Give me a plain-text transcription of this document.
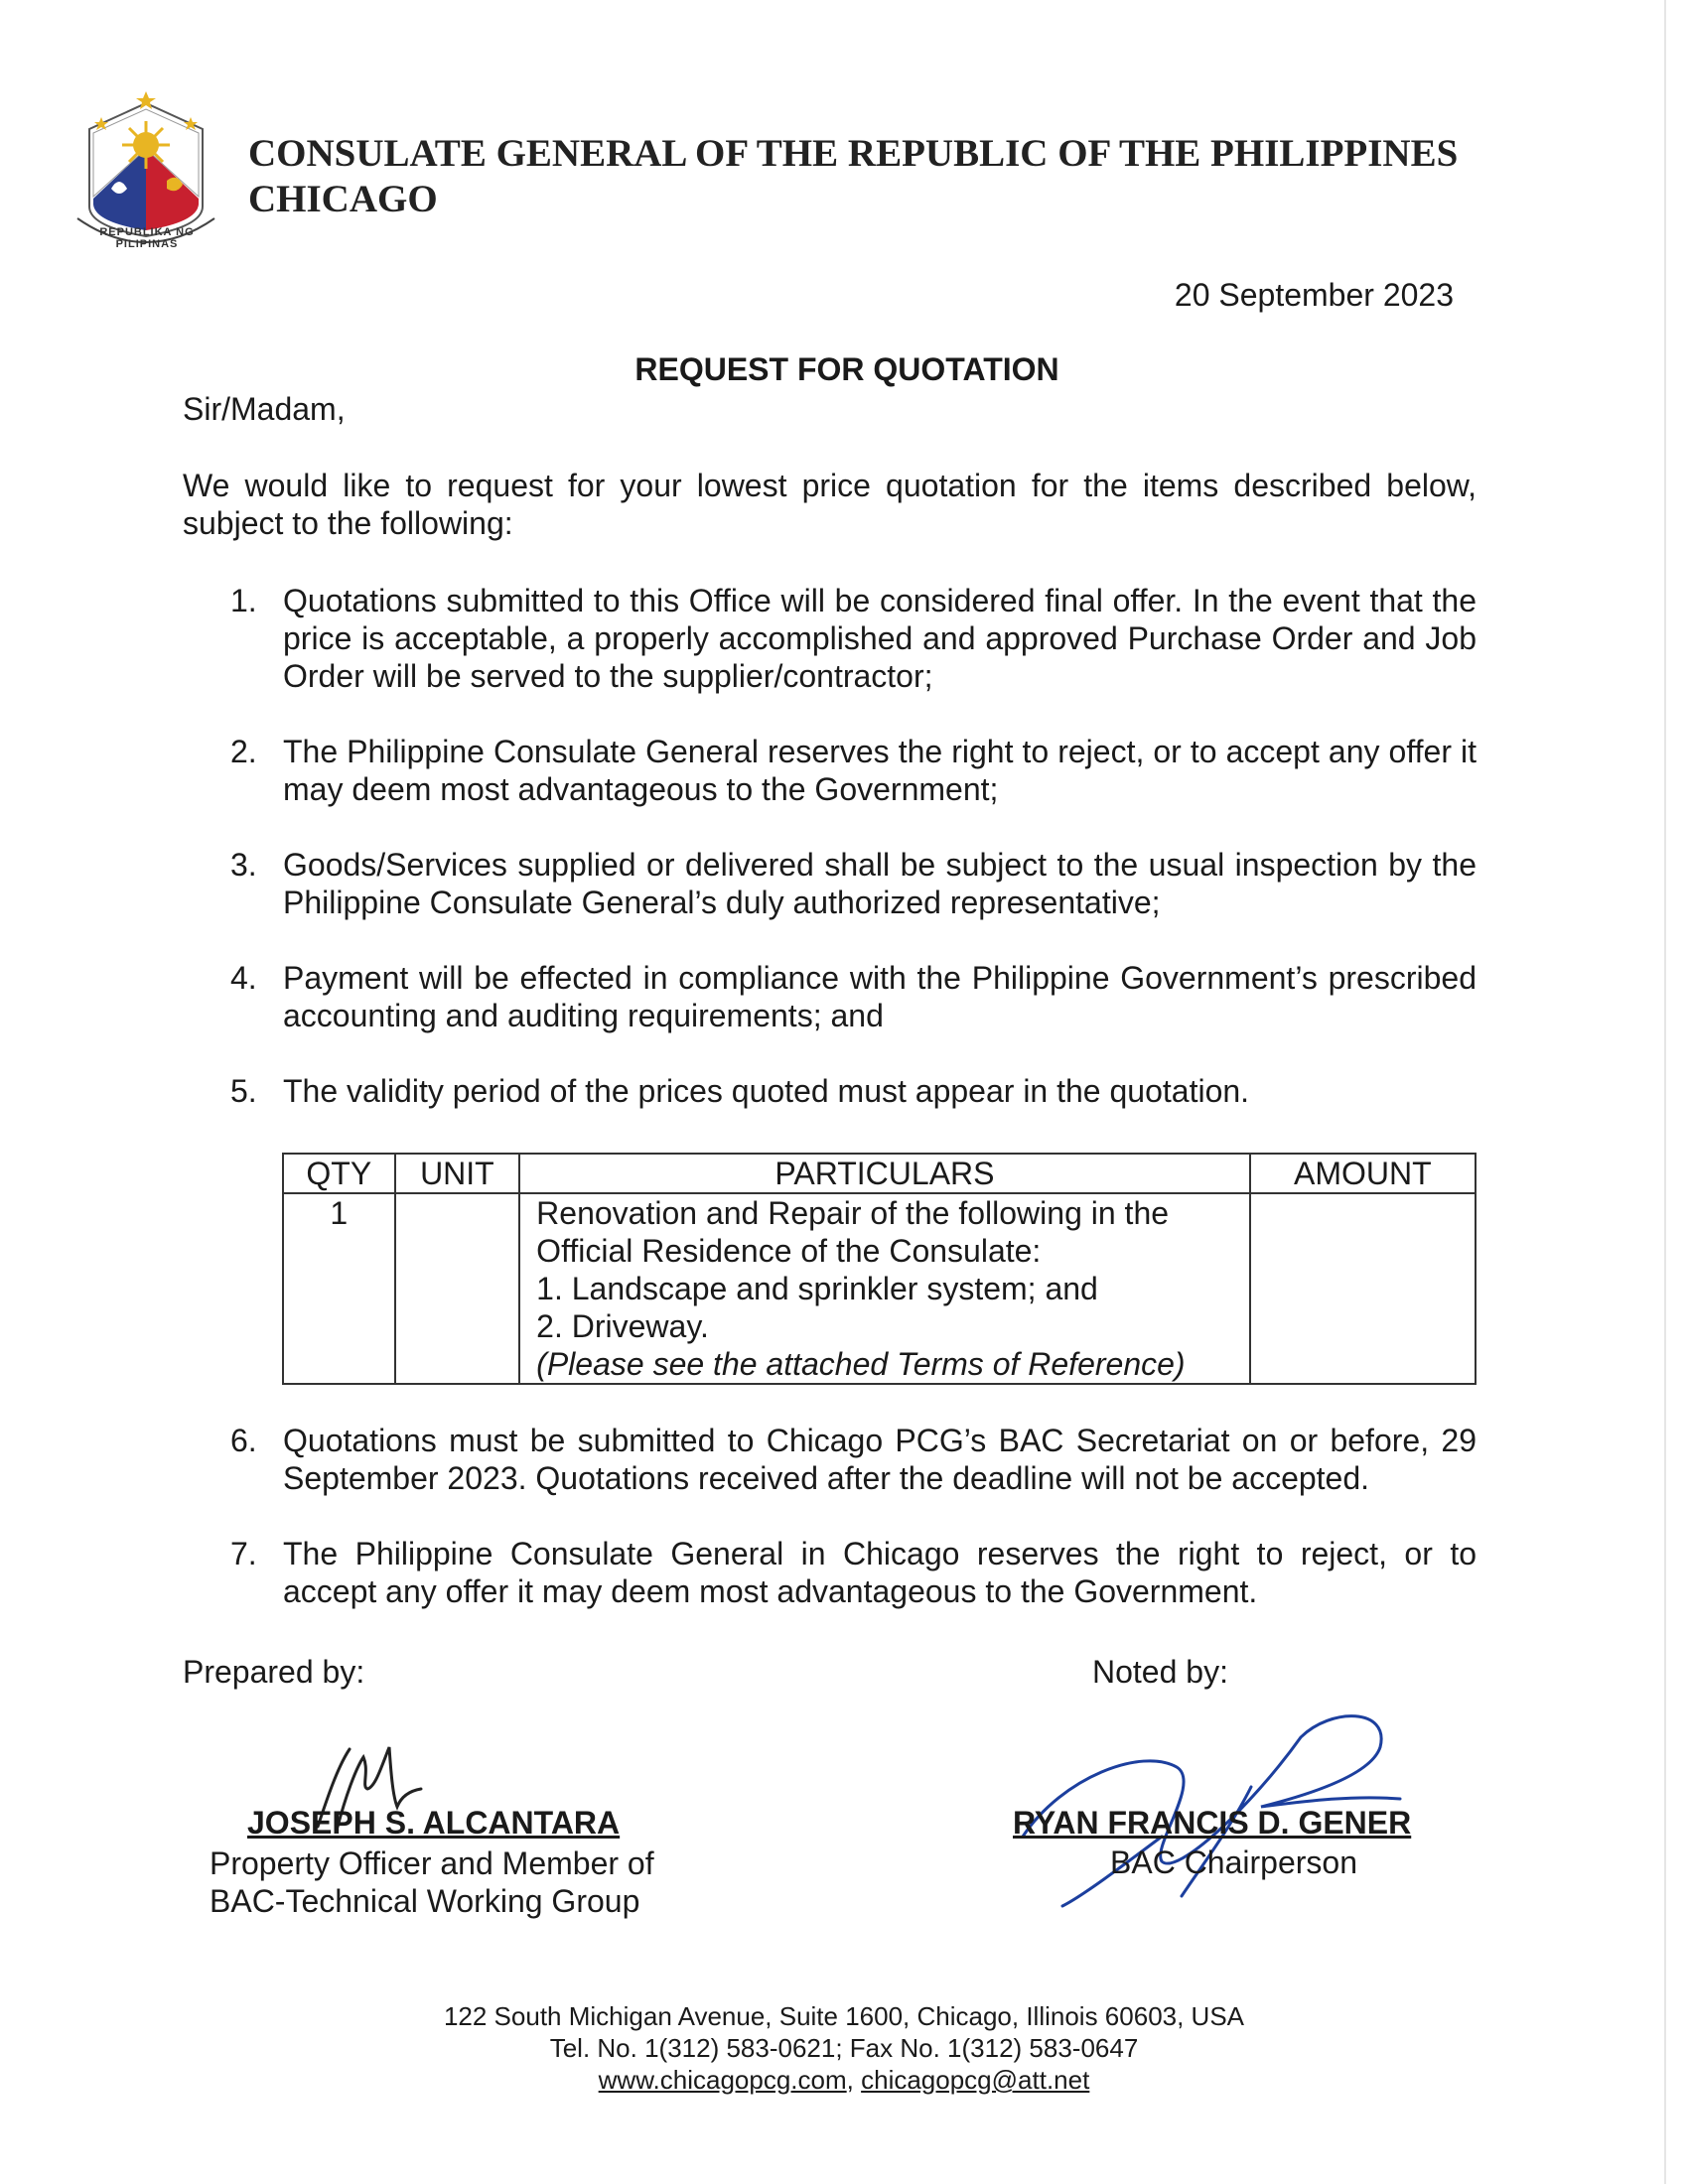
REPUBLIKA NG PILIPINAS
CONSULATE GENERAL OF THE REPUBLIC OF THE PHILIPPINES
CHICAGO
20 September 2023
REQUEST FOR QUOTATION
Sir/Madam,
We would like to request for your lowest price quotation for the items described below, subject to the following:
1. Quotations submitted to this Office will be considered final offer. In the event that the price is acceptable, a properly accomplished and approved Purchase Order and Job Order will be served to the supplier/contractor;
2. The Philippine Consulate General reserves the right to reject, or to accept any offer it may deem most advantageous to the Government;
3. Goods/Services supplied or delivered shall be subject to the usual inspection by the Philippine Consulate General’s duly authorized representative;
4. Payment will be effected in compliance with the Philippine Government’s prescribed accounting and auditing requirements; and
5. The validity period of the prices quoted must appear in the quotation.
QTY	UNIT	PARTICULARS	AMOUNT
1		Renovation and Repair of the following in the
Official Residence of the Consulate:
1. Landscape and sprinkler system; and
2. Driveway.
(Please see the attached Terms of Reference)	

6. Quotations must be submitted to Chicago PCG’s BAC Secretariat on or before, 29 September 2023. Quotations received after the deadline will not be accepted.
7. The Philippine Consulate General in Chicago reserves the right to reject, or to accept any offer it may deem most advantageous to the Government.
Prepared by:	Noted by:
JOSEPH S. ALCANTARA
Property Officer and Member of
BAC-Technical Working Group
RYAN FRANCIS D. GENER
BAC Chairperson
122 South Michigan Avenue, Suite 1600, Chicago, Illinois 60603, USA
Tel. No. 1(312) 583-0621; Fax No. 1(312) 583-0647
www.chicagopcg.com, chicagopcg@att.net
